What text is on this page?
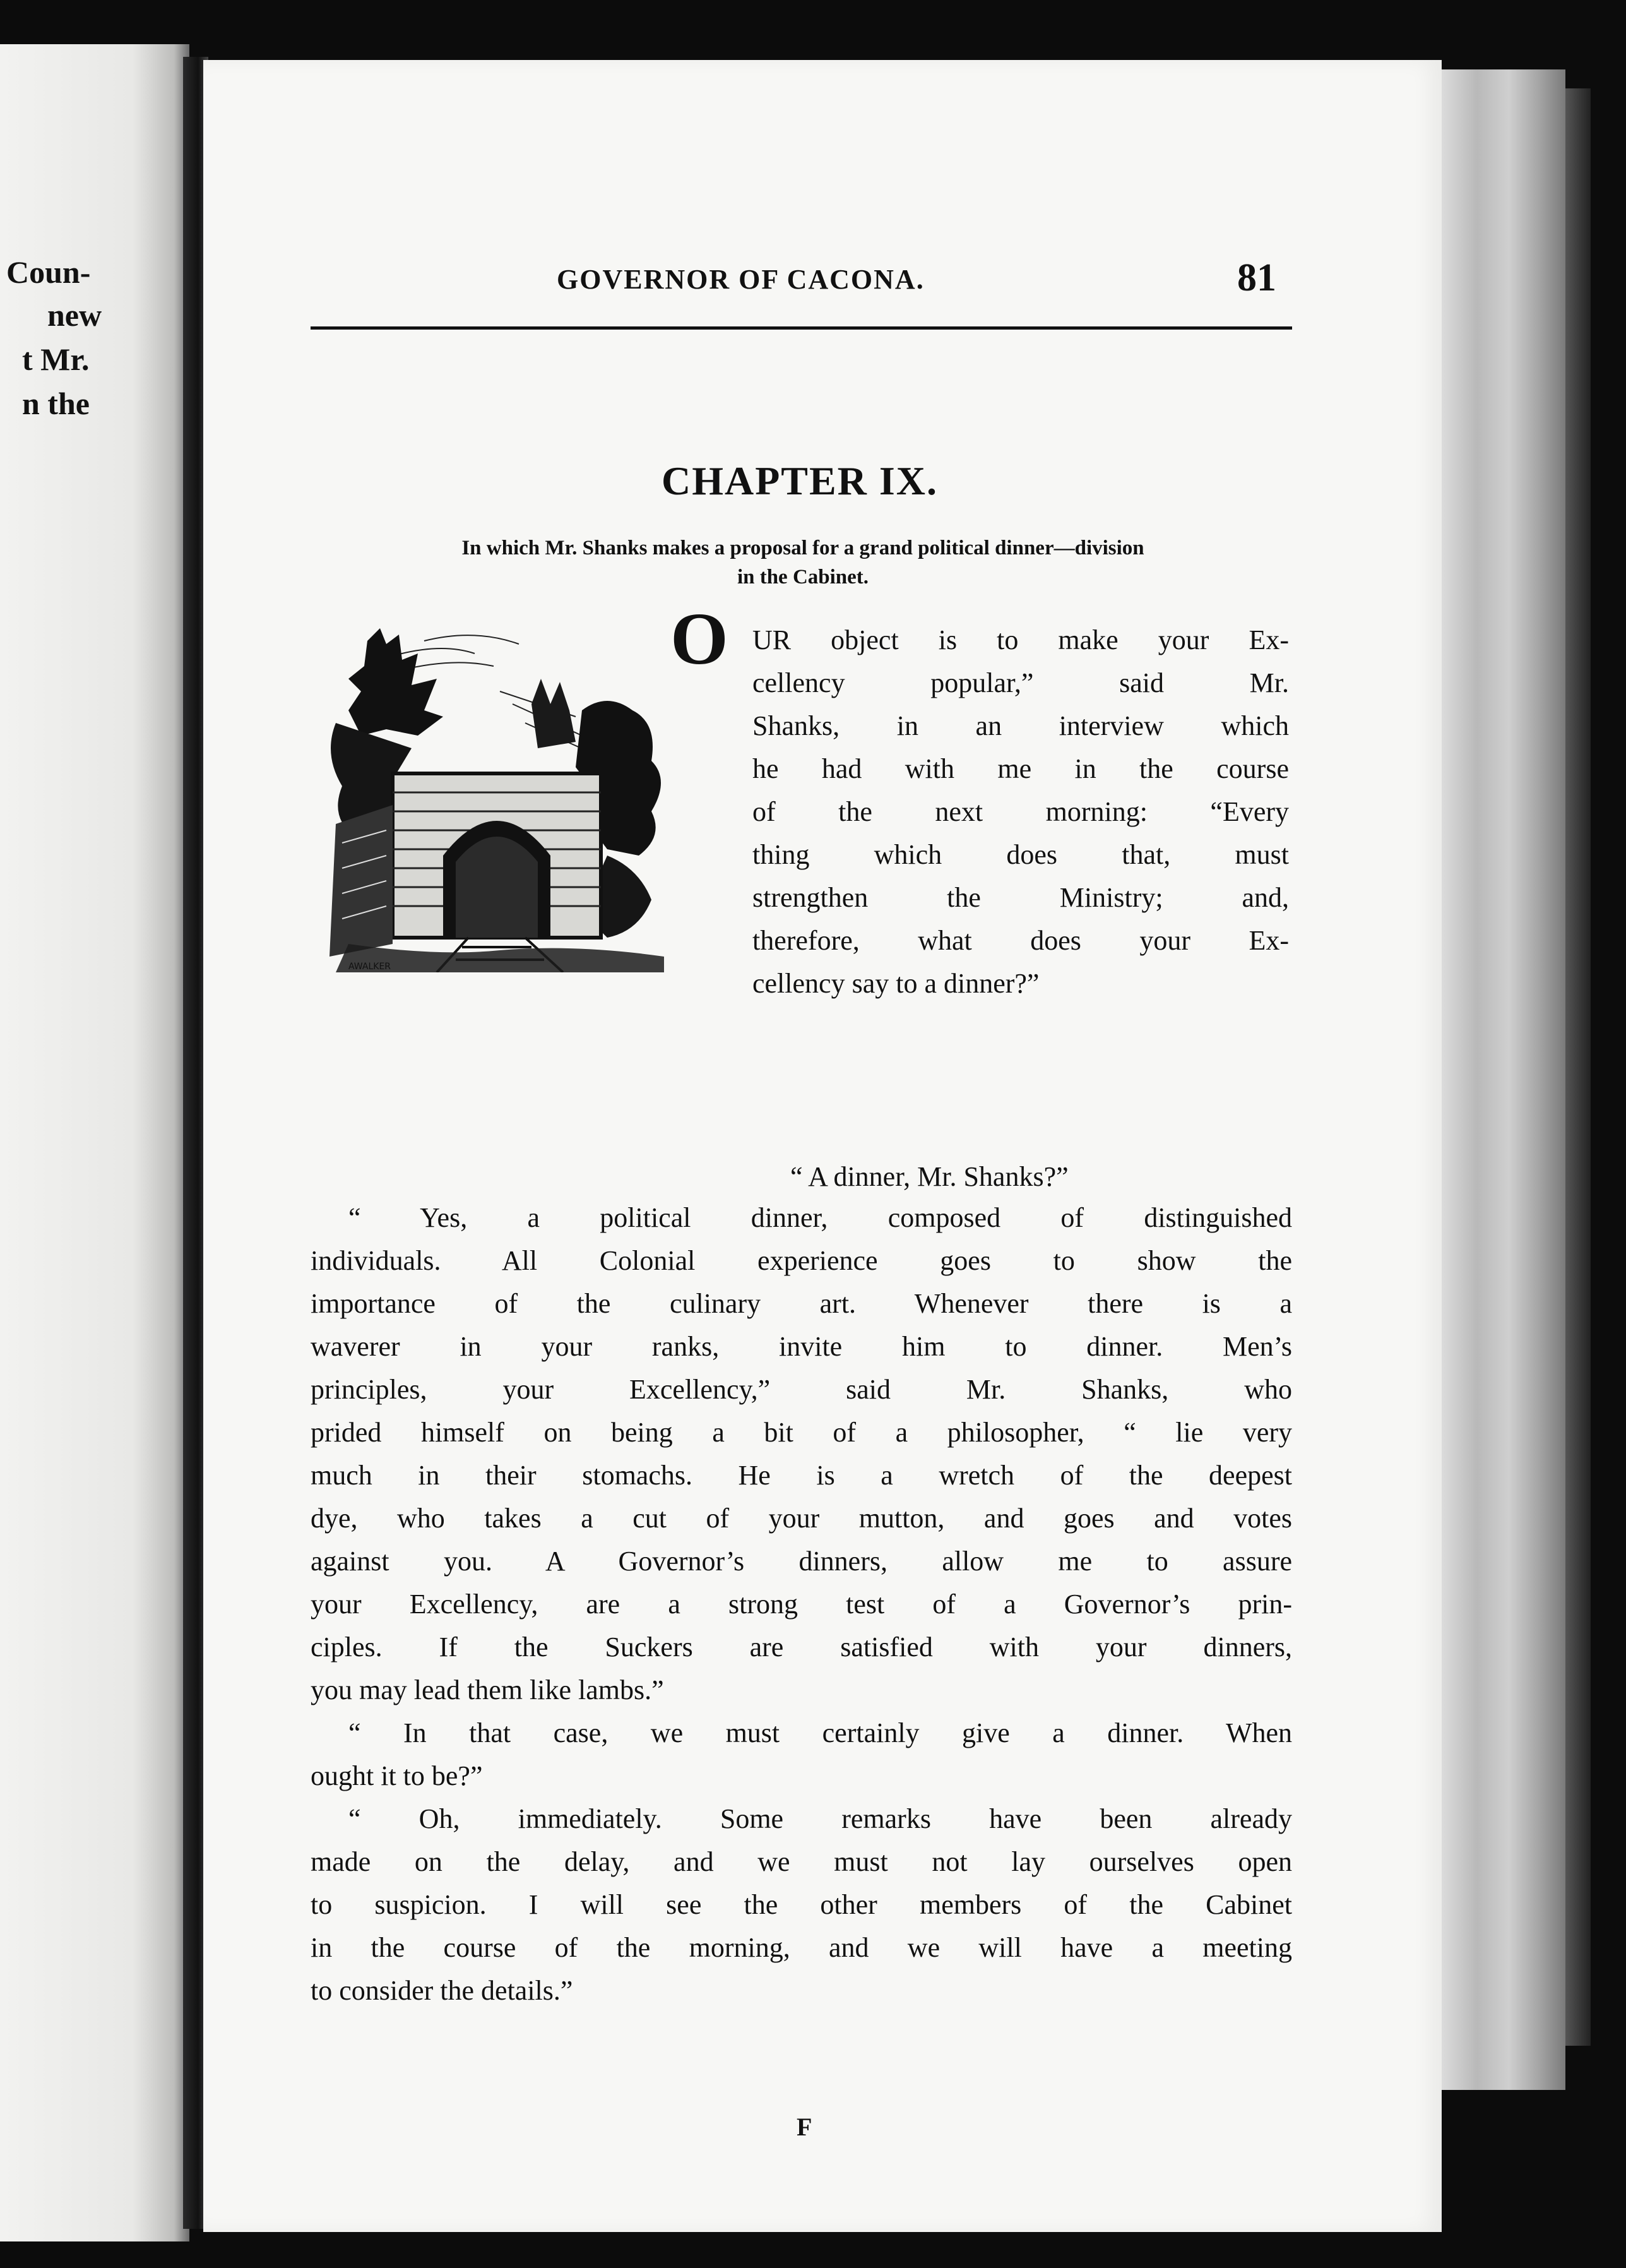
Coun-
new
t Mr.
n the
GOVERNOR OF CACONA.	81
CHAPTER IX.
In which Mr. Shanks makes a proposal for a grand political dinner—division
in the Cabinet.
AWALKER
O UR object is to make your Ex-
cellency popular,” said Mr.
Shanks, in an interview which
he had with me in the course
of the next morning: “Every
thing which does that, must
strengthen the Ministry; and,
therefore, what does your Ex-
cellency say to a dinner?”
“ A dinner, Mr. Shanks?”
“ Yes, a political dinner, composed of distinguished
individuals. All Colonial experience goes to show the
importance of the culinary art. Whenever there is a
waverer in your ranks, invite him to dinner. Men’s
principles, your Excellency,” said Mr. Shanks, who
prided himself on being a bit of a philosopher, “ lie very
much in their stomachs. He is a wretch of the deepest
dye, who takes a cut of your mutton, and goes and votes
against you. A Governor’s dinners, allow me to assure
your Excellency, are a strong test of a Governor’s prin-
ciples. If the Suckers are satisfied with your dinners,
you may lead them like lambs.”
“ In that case, we must certainly give a dinner. When
ought it to be?”
“ Oh, immediately. Some remarks have been already
made on the delay, and we must not lay ourselves open
to suspicion. I will see the other members of the Cabinet
in the course of the morning, and we will have a meeting
to consider the details.”
F
